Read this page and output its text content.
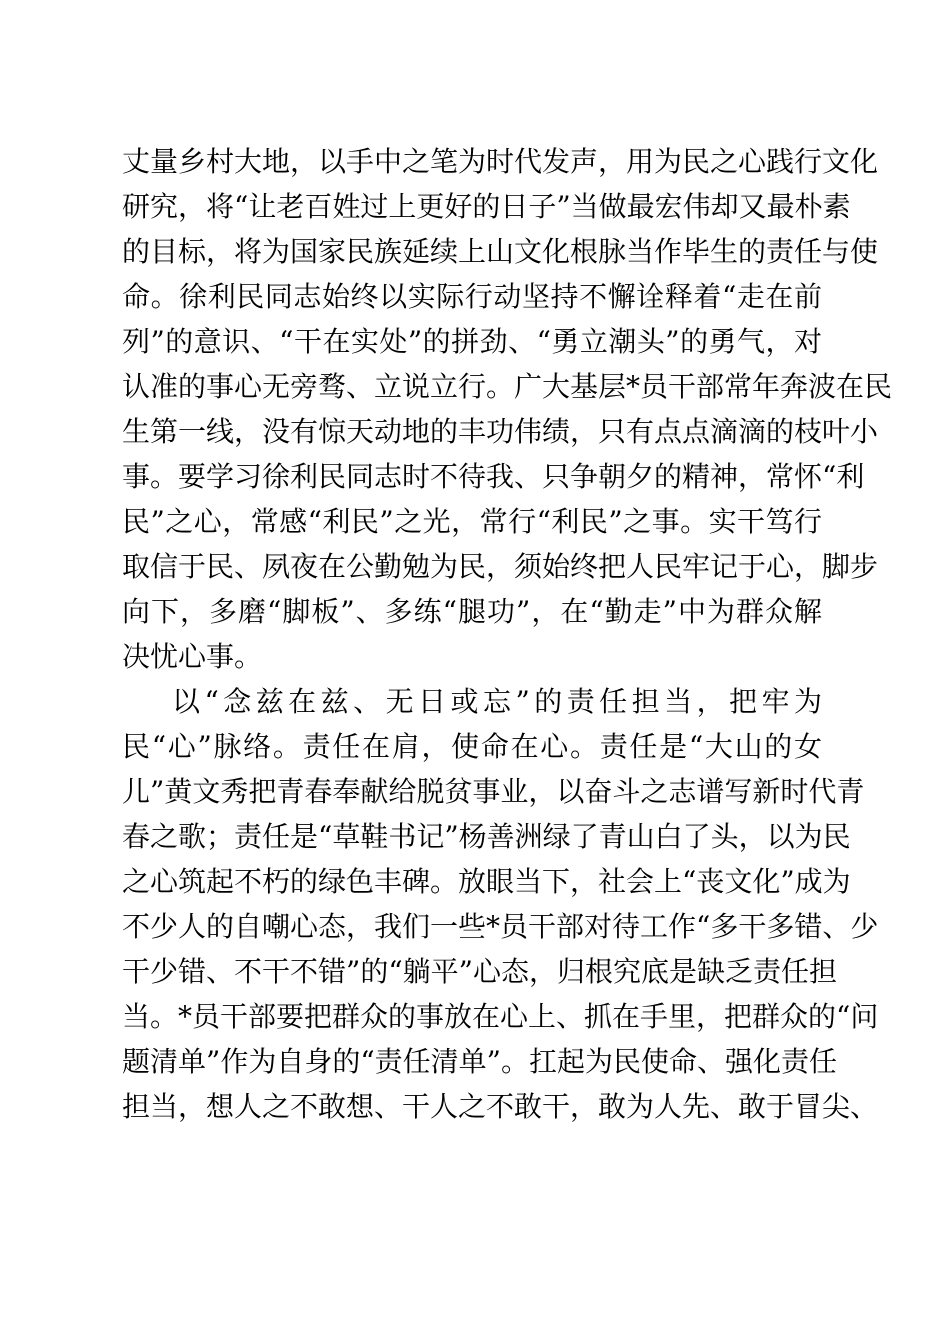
丈量乡村大地，以手中之笔为时代发声，用为民之心践行文化
研究，将“让老百姓过上更好的日子”当做最宏伟却又最朴素
的目标，将为国家民族延续上山文化根脉当作毕生的责任与使
命。徐利民同志始终以实际行动坚持不懈诠释着“走在前
列”的意识、“干在实处”的拼劲、“勇立潮头”的勇气，对
认准的事心无旁骛、立说立行。广大基层*员干部常年奔波在民
生第一线，没有惊天动地的丰功伟绩，只有点点滴滴的枝叶小
事。要学习徐利民同志时不待我、只争朝夕的精神，常怀“利
民”之心，常感“利民”之光，常行“利民”之事。实干笃行
取信于民、夙夜在公勤勉为民，须始终把人民牢记于心，脚步
向下，多磨“脚板”、多练“腿功”，在“勤走”中为群众解
决忧心事。
以“念兹在兹、无日或忘”的责任担当，把牢为
民“心”脉络。责任在肩，使命在心。责任是“大山的女
儿”黄文秀把青春奉献给脱贫事业，以奋斗之志谱写新时代青
春之歌；责任是“草鞋书记”杨善洲绿了青山白了头，以为民
之心筑起不朽的绿色丰碑。放眼当下，社会上“丧文化”成为
不少人的自嘲心态，我们一些*员干部对待工作“多干多错、少
干少错、不干不错”的“躺平”心态，归根究底是缺乏责任担
当。*员干部要把群众的事放在心上、抓在手里，把群众的“问
题清单”作为自身的“责任清单”。扛起为民使命、强化责任
担当，想人之不敢想、干人之不敢干，敢为人先、敢于冒尖、
